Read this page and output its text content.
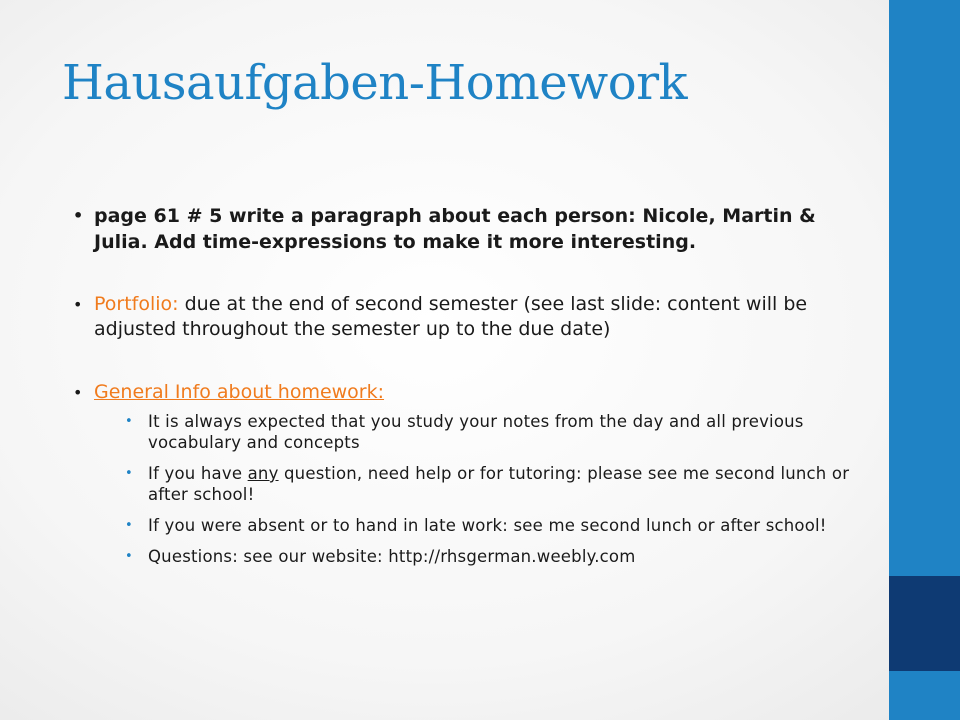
Hausaufgaben-Homework
• page 61 # 5 write a paragraph about each person: Nicole, Martin & Julia. Add time-expressions to make it more interesting.
• Portfolio: due at the end of second semester (see last slide: content will be adjusted throughout the semester up to the due date)
• General Info about homework:
• It is always expected that you study your notes from the day and all previous vocabulary and concepts
• If you have any question, need help or for tutoring: please see me second lunch or after school!
• If you were absent or to hand in late work: see me second lunch or after school!
• Questions: see our website: http://rhsgerman.weebly.com
